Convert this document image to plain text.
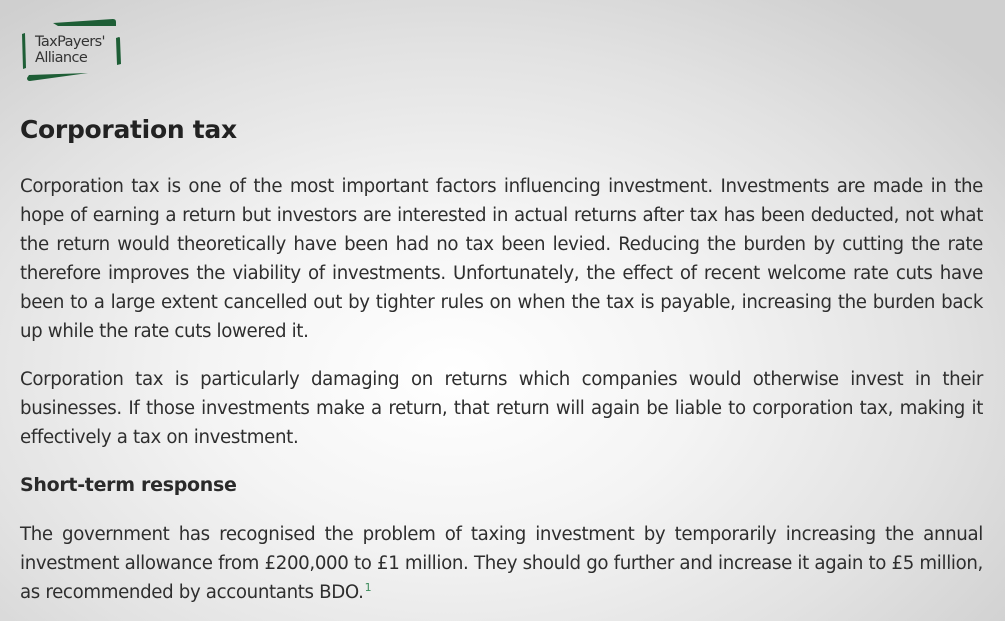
TaxPayers'
Alliance
Corporation tax

Corporation tax is one of the most important factors influencing investment. Investments are made in the hope of earning a return but investors are interested in actual returns after tax has been deducted, not what the return would theoretically have been had no tax been levied. Reducing the burden by cutting the rate therefore improves the viability of investments. Unfortunately, the effect of recent welcome rate cuts have been to a large extent cancelled out by tighter rules on when the tax is payable, increasing the burden back up while the rate cuts lowered it.

Corporation tax is particularly damaging on returns which companies would otherwise invest in their businesses. If those investments make a return, that return will again be liable to corporation tax, making it effectively a tax on investment.

Short-term response

The government has recognised the problem of taxing investment by temporarily increasing the annual investment allowance from £200,000 to £1 million. They should go further and increase it again to £5 million, as recommended by accountants BDO.$^1$
